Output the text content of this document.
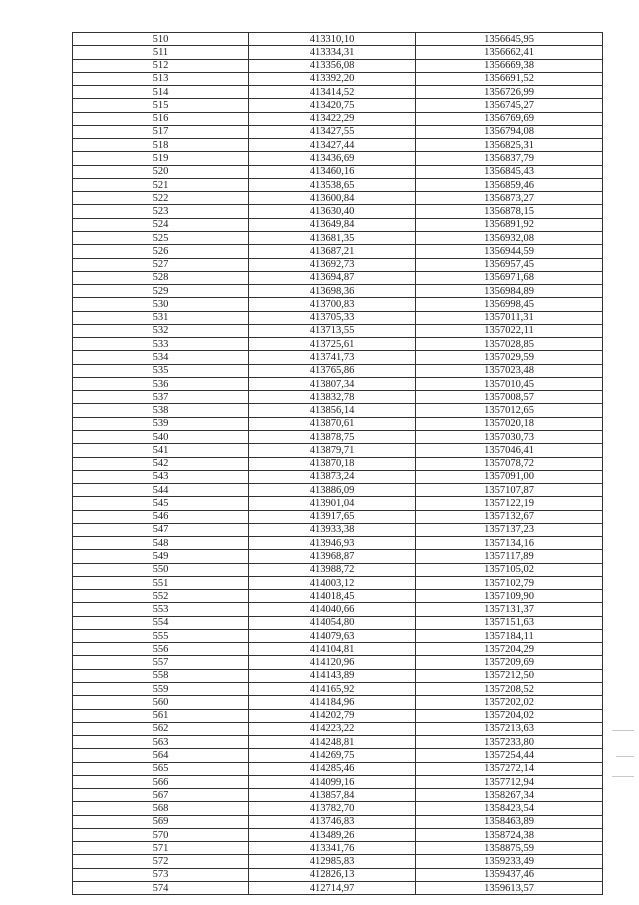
510	413310,10	1356645,95
511	413334,31	1356662,41
512	413356,08	1356669,38
513	413392,20	1356691,52
514	413414,52	1356726,99
515	413420,75	1356745,27
516	413422,29	1356769,69
517	413427,55	1356794,08
518	413427,44	1356825,31
519	413436,69	1356837,79
520	413460,16	1356845,43
521	413538,65	1356859,46
522	413600,84	1356873,27
523	413630,40	1356878,15
524	413649,84	1356891,92
525	413681,35	1356932,08
526	413687,21	1356944,59
527	413692,73	1356957,45
528	413694,87	1356971,68
529	413698,36	1356984,89
530	413700,83	1356998,45
531	413705,33	1357011,31
532	413713,55	1357022,11
533	413725,61	1357028,85
534	413741,73	1357029,59
535	413765,86	1357023,48
536	413807,34	1357010,45
537	413832,78	1357008,57
538	413856,14	1357012,65
539	413870,61	1357020,18
540	413878,75	1357030,73
541	413879,71	1357046,41
542	413870,18	1357078,72
543	413873,24	1357091,00
544	413886,09	1357107,87
545	413901,04	1357122,19
546	413917,65	1357132,67
547	413933,38	1357137,23
548	413946,93	1357134,16
549	413968,87	1357117,89
550	413988,72	1357105,02
551	414003,12	1357102,79
552	414018,45	1357109,90
553	414040,66	1357131,37
554	414054,80	1357151,63
555	414079,63	1357184,11
556	414104,81	1357204,29
557	414120,96	1357209,69
558	414143,89	1357212,50
559	414165,92	1357208,52
560	414184,96	1357202,02
561	414202,79	1357204,02
562	414223,22	1357213,63
563	414248,81	1357233,80
564	414269,75	1357254,44
565	414285,46	1357272,14
566	414099,16	1357712,94
567	413857,84	1358267,34
568	413782,70	1358423,54
569	413746,83	1358463,89
570	413489,26	1358724,38
571	413341,76	1358875,59
572	412985,83	1359233,49
573	412826,13	1359437,46
574	412714,97	1359613,57
